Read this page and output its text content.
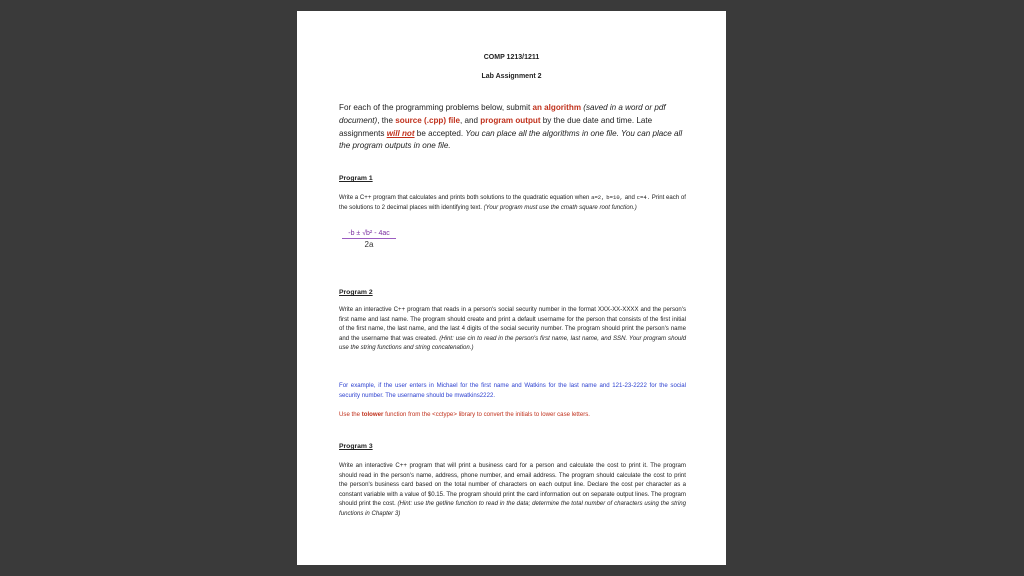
COMP 1213/1211
Lab Assignment 2
For each of the programming problems below, submit an algorithm (saved in a word or pdf document), the source (.cpp) file, and program output by the due date and time. Late assignments will not be accepted. You can place all the algorithms in one file. You can place all the program outputs in one file.
Program 1
Write a C++ program that calculates and prints both solutions to the quadratic equation when a=2, b=10, and c=4. Print each of the solutions to 2 decimal places with identifying text. (Your program must use the cmath square root function.)
$\frac{\text{-b ± √b² - 4ac}}{2a}$
Program 2
Write an interactive C++ program that reads in a person's social security number in the format XXX-XX-XXXX and the person's first name and last name. The program should create and print a default username for the person that consists of the first initial of the first name, the last name, and the last 4 digits of the social security number. The program should print the person's name and the username that was created. (Hint: use cin to read in the person's first name, last name, and SSN. Your program should use the string functions and string concatenation.)
For example, if the user enters in Michael for the first name and Watkins for the last name and 121-23-2222 for the social security number. The username should be mwatkins2222.
Use the tolower function from the <cctype> library to convert the initials to lower case letters.
Program 3
Write an interactive C++ program that will print a business card for a person and calculate the cost to print it. The program should read in the person's name, address, phone number, and email address. The program should calculate the cost to print the person's business card based on the total number of characters on each output line. Declare the cost per character as a constant variable with a value of $0.15. The program should print the card information out on separate output lines. The program should print the cost. (Hint: use the getline function to read in the data; determine the total number of characters using the string functions in Chapter 3)
